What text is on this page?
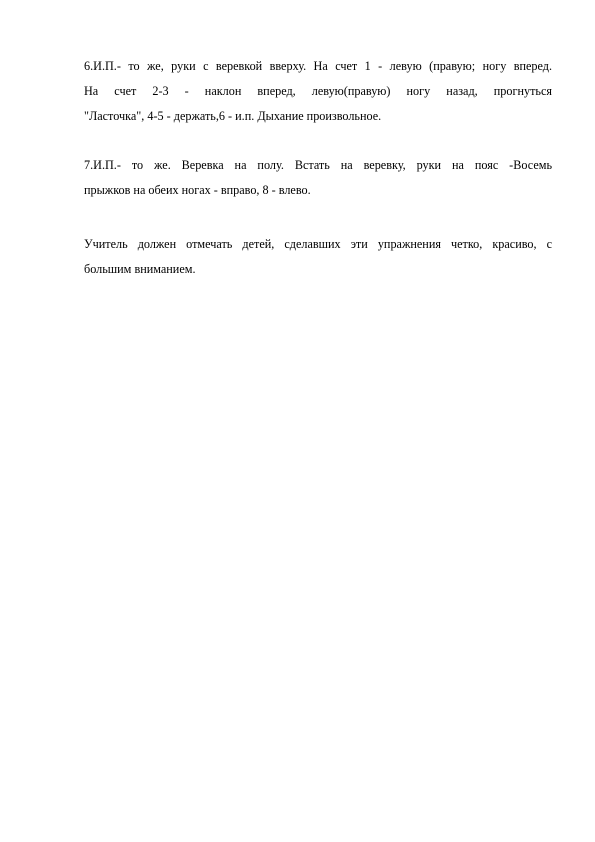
6.И.П.- то же, руки с веревкой вверху. На счет 1 - левую (правую; ногу вперед.
На счет 2-3 - наклон вперед, левую(правую) ногу назад, прогнуться
"Ласточка", 4-5 - держать,6 - и.п. Дыхание произвольное.

7.И.П.- то же. Веревка на полу. Встать на веревку, руки на пояс -Восемь
прыжков на обеих ногах - вправо, 8 - влево.

Учитель должен отмечать детей, сделавших эти упражнения четко, красиво, с
большим вниманием.
